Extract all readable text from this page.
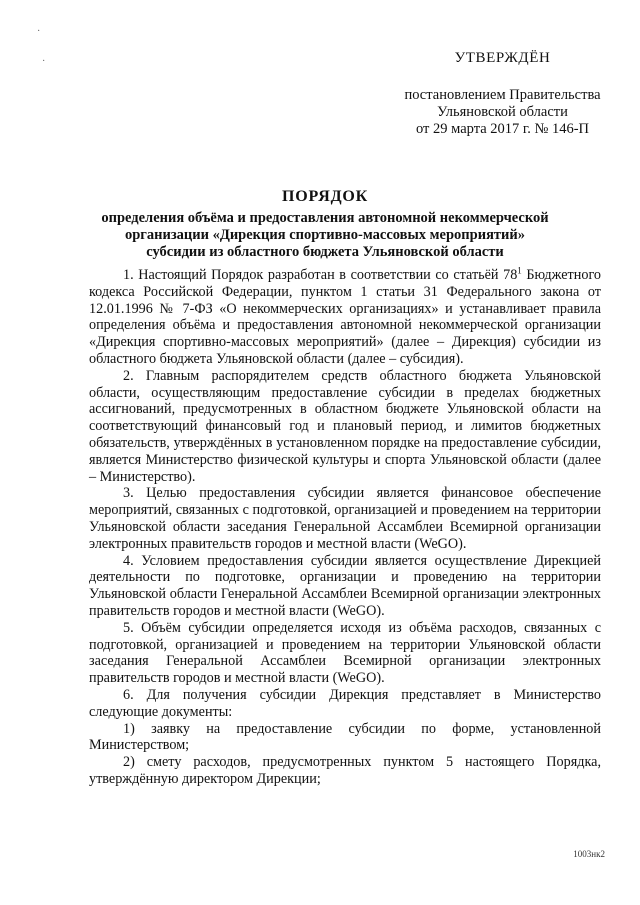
·
·	УТВЕРЖДЁН
постановлением Правительства
Ульяновской области
от 29 марта 2017 г. № 146-П
ПОРЯДОК
определения объёма и предоставления автономной некоммерческой
организации «Дирекция спортивно-массовых мероприятий»
субсидии из областного бюджета Ульяновской области

1. Настоящий Порядок разработан в соответствии со статьёй $78^1$ Бюджетного кодекса Российской Федерации, пунктом 1 статьи 31 Федерального закона от 12.01.1996 № 7-ФЗ «О некоммерческих организациях» и устанавливает правила определения объёма и предоставления автономной некоммерческой организации «Дирекция спортивно-массовых мероприятий» (далее – Дирекция) субсидии из областного бюджета Ульяновской области (далее – субсидия).

2. Главным распорядителем средств областного бюджета Ульяновской области, осуществляющим предоставление субсидии в пределах бюджетных ассигнований, предусмотренных в областном бюджете Ульяновской области на соответствующий финансовый год и плановый период, и лимитов бюджетных обязательств, утверждённых в установленном порядке на предоставление субсидии, является Министерство физической культуры и спорта Ульяновской области (далее – Министерство).

3. Целью предоставления субсидии является финансовое обеспечение мероприятий, связанных с подготовкой, организацией и проведением на территории Ульяновской области заседания Генеральной Ассамблеи Всемирной организации электронных правительств городов и местной власти (WeGO).

4. Условием предоставления субсидии является осуществление Дирекцией деятельности по подготовке, организации и проведению на территории Ульяновской области Генеральной Ассамблеи Всемирной организации электронных правительств городов и местной власти (WeGO).

5. Объём субсидии определяется исходя из объёма расходов, связанных с подготовкой, организацией и проведением на территории Ульяновской области заседания Генеральной Ассамблеи Всемирной организации электронных правительств городов и местной власти (WeGO).

6. Для получения субсидии Дирекция представляет в Министерство следующие документы:

1) заявку на предоставление субсидии по форме, установленной Министерством;

2) смету расходов, предусмотренных пунктом 5 настоящего Порядка, утверждённую директором Дирекции;

1003нк2
